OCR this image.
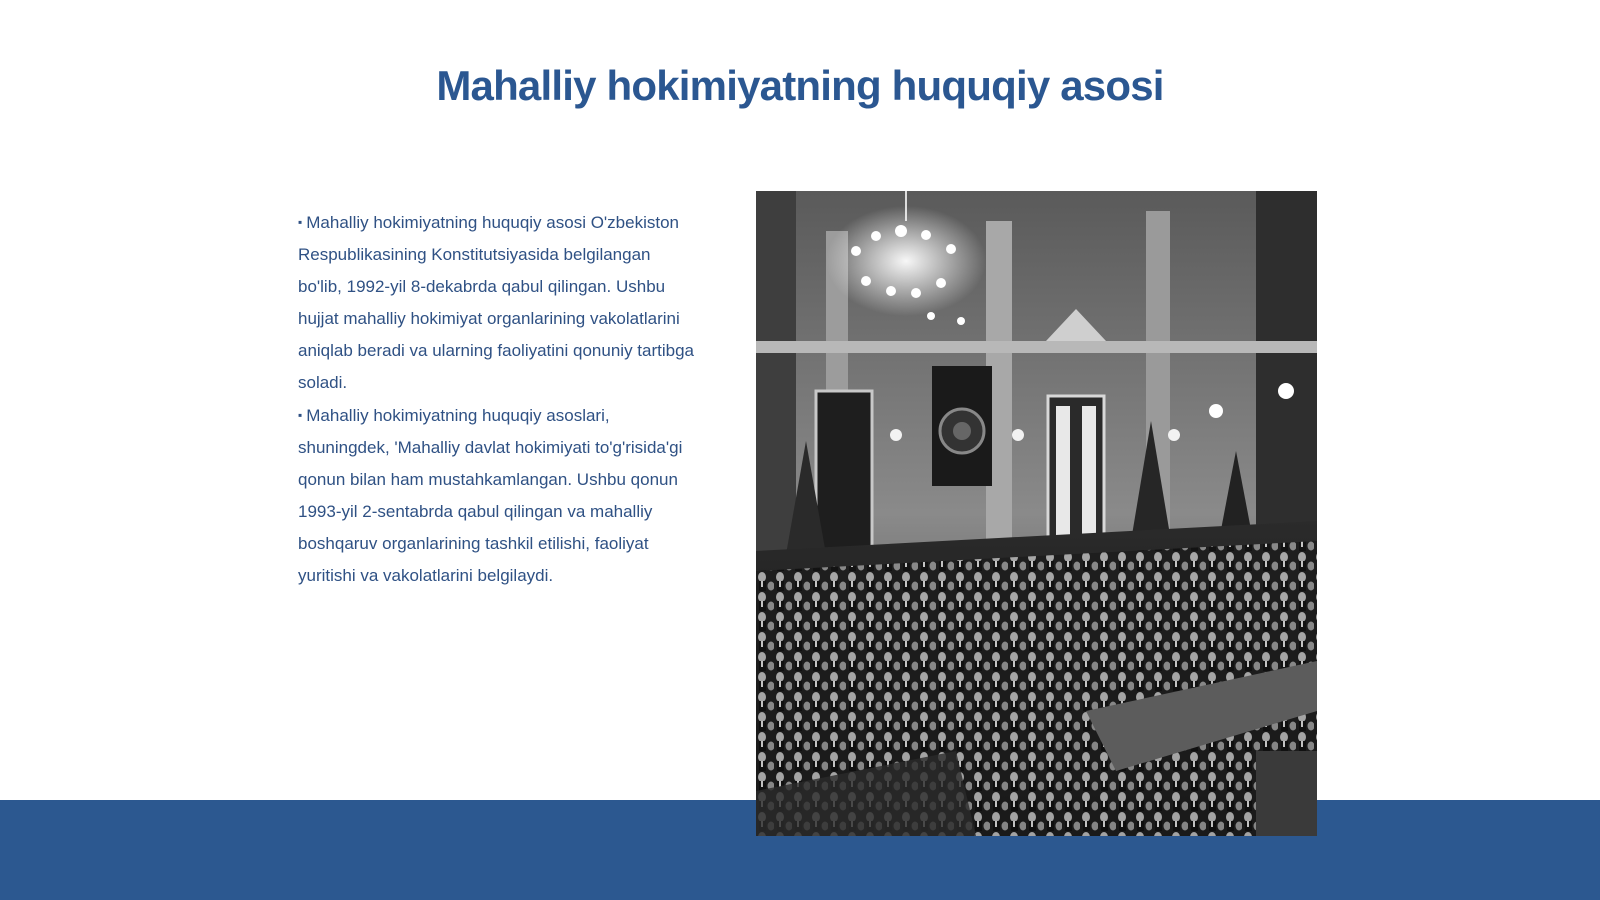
Mahalliy hokimiyatning huquqiy asosi

▪ Mahalliy hokimiyatning huquqiy asosi O'zbekiston Respublikasining Konstitutsiyasida belgilangan bo'lib, 1992-yil 8-dekabrda qabul qilingan. Ushbu hujjat mahalliy hokimiyat organlarining vakolatlarini aniqlab beradi va ularning faoliyatini qonuniy tartibga soladi.

▪ Mahalliy hokimiyatning huquqiy asoslari, shuningdek, 'Mahalliy davlat hokimiyati to'g'risida'gi qonun bilan ham mustahkamlangan. Ushbu qonun 1993-yil 2-sentabrda qabul qilingan va mahalliy boshqaruv organlarining tashkil etilishi, faoliyat yuritishi va vakolatlarini belgilaydi.
